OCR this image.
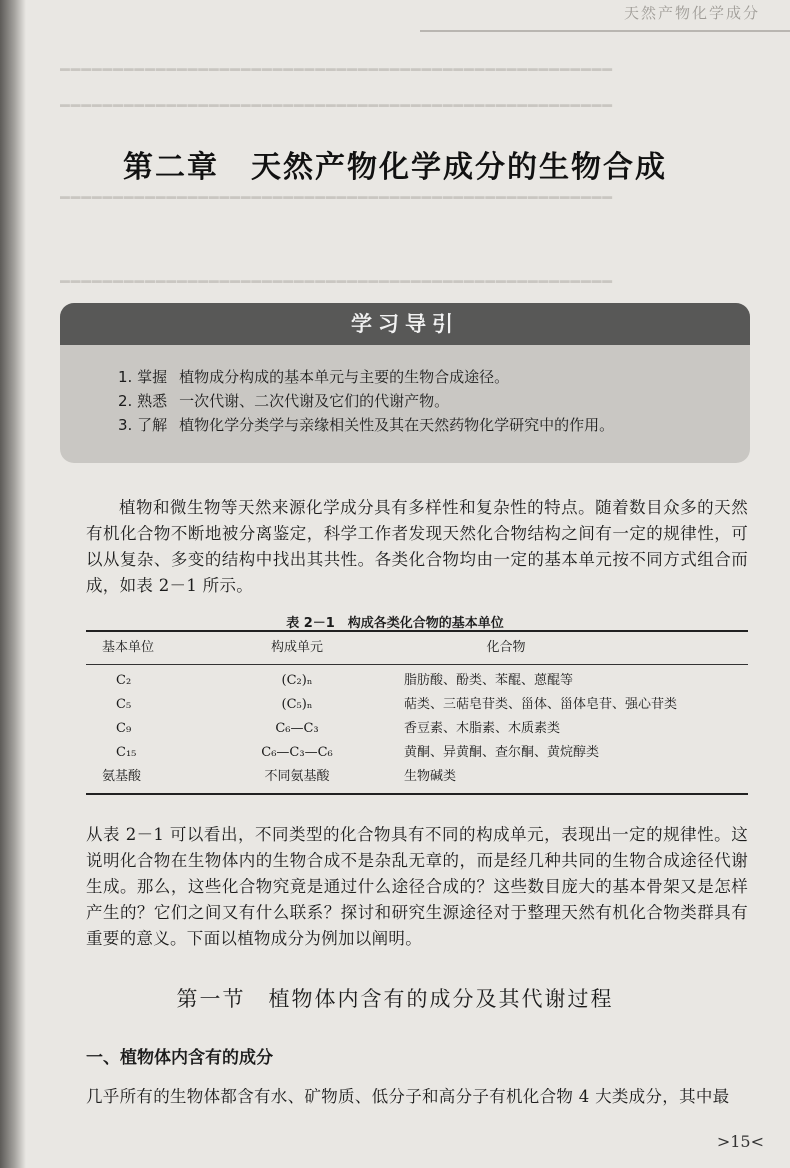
天然产物化学成分
━━━━━━━━━━━━━━━━━━━━━━━━━━━━━━━━━━━━━━━━━━━━━━━━━━━━
━━━━━━━━━━━━━━━━━━━━━━━━━━━━━━━━━━━━━━━━━━━━━━━━━━━━
━━━━━━━━━━━━━━━━━━━━━━━━━━━━━━━━━━━━━━━━━━━━━━━━━━━━
━━━━━━━━━━━━━━━━━━━━━━━━━━━━━━━━━━━━━━━━━━━━━━━━━━━━
第二章　天然产物化学成分的生物合成
学习导引
1. 掌握 植物成分构成的基本单元与主要的生物合成途径。
2. 熟悉 一次代谢、二次代谢及它们的代谢产物。
3. 了解 植物化学分类学与亲缘相关性及其在天然药物化学研究中的作用。

植物和微生物等天然来源化学成分具有多样性和复杂性的特点。随着数目众多的天然有机化合物不断地被分离鉴定，科学工作者发现天然化合物结构之间有一定的规律性，可以从复杂、多变的结构中找出其共性。各类化合物均由一定的基本单元按不同方式组合而成，如表 2－1 所示。

表 2－1　构成各类化合物的基本单位
基本单位	构成单元	化合物
C₂	(C₂)ₙ	脂肪酸、酚类、苯醌、蒽醌等
C₅	(C₅)ₙ	萜类、三萜皂苷类、甾体、甾体皂苷、强心苷类
C₉	C₆—C₃	香豆素、木脂素、木质素类
C₁₅	C₆—C₃—C₆	黄酮、异黄酮、查尔酮、黄烷醇类
氨基酸	不同氨基酸	生物碱类

从表 2－1 可以看出，不同类型的化合物具有不同的构成单元，表现出一定的规律性。这说明化合物在生物体内的生物合成不是杂乱无章的，而是经几种共同的生物合成途径代谢生成。那么，这些化合物究竟是通过什么途径合成的？这些数目庞大的基本骨架又是怎样产生的？它们之间又有什么联系？探讨和研究生源途径对于整理天然有机化合物类群具有重要的意义。下面以植物成分为例加以阐明。

第一节　植物体内含有的成分及其代谢过程
一、植物体内含有的成分

几乎所有的生物体都含有水、矿物质、低分子和高分子有机化合物 4 大类成分，其中最

>15<
